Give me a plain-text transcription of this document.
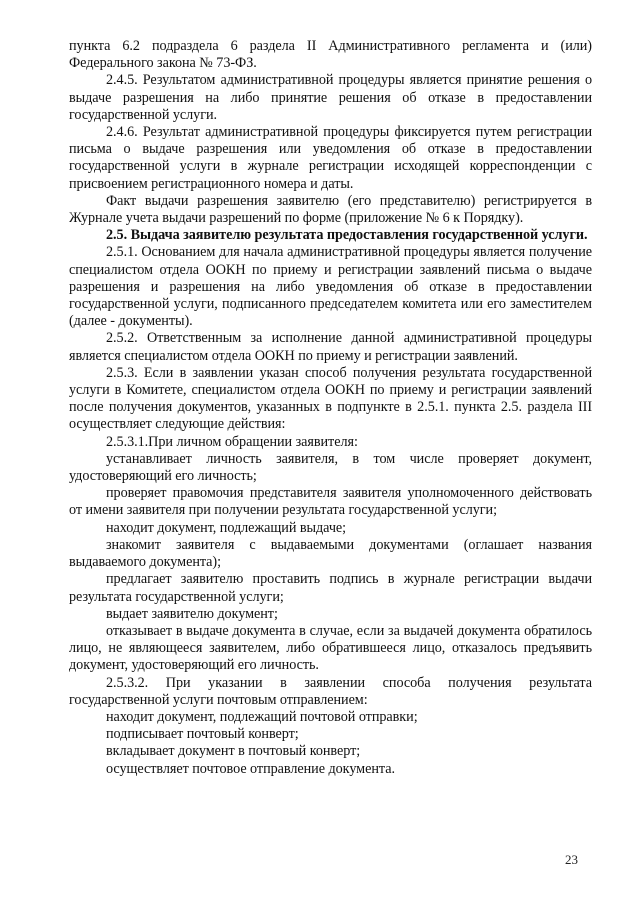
пункта 6.2 подраздела 6 раздела II Административного регламента и (или) Федерального закона № 73-ФЗ.

2.4.5. Результатом административной процедуры является принятие решения о выдаче разрешения на либо принятие решения об отказе в предоставлении государственной услуги.

2.4.6. Результат административной процедуры фиксируется путем регистрации письма о выдаче разрешения или уведомления об отказе в предоставлении государственной услуги в журнале регистрации исходящей корреспонденции с присвоением регистрационного номера и даты.

Факт выдачи разрешения заявителю (его представителю) регистрируется в Журнале учета выдачи разрешений по форме (приложение № 6 к Порядку).

2.5. Выдача заявителю результата предоставления государственной услуги.

2.5.1. Основанием для начала административной процедуры является получение специалистом отдела ООКН по приему и регистрации заявлений письма о выдаче разрешения и разрешения на либо уведомления об отказе в предоставлении государственной услуги, подписанного председателем комитета или его заместителем (далее - документы).

2.5.2. Ответственным за исполнение данной административной процедуры является специалистом отдела ООКН по приему и регистрации заявлений.

2.5.3. Если в заявлении указан способ получения результата государственной услуги в Комитете, специалистом отдела ООКН по приему и регистрации заявлений после получения документов, указанных в подпункте в 2.5.1. пункта 2.5. раздела III осуществляет следующие действия:

2.5.3.1.При личном обращении заявителя:

устанавливает личность заявителя, в том числе проверяет документ, удостоверяющий его личность;

проверяет правомочия представителя заявителя уполномоченного действовать от имени заявителя при получении результата государственной услуги;

находит документ, подлежащий выдаче;

знакомит заявителя с выдаваемыми документами (оглашает названия выдаваемого документа);

предлагает заявителю проставить подпись в журнале регистрации выдачи результата государственной услуги;

выдает заявителю документ;

отказывает в выдаче документа в случае, если за выдачей документа обратилось лицо, не являющееся заявителем, либо обратившееся лицо, отказалось предъявить документ, удостоверяющий его личность.

2.5.3.2. При указании в заявлении способа получения результата государственной услуги почтовым отправлением:

находит документ, подлежащий почтовой отправки;

подписывает почтовый конверт;

вкладывает документ в почтовый конверт;

осуществляет почтовое отправление документа.

23
